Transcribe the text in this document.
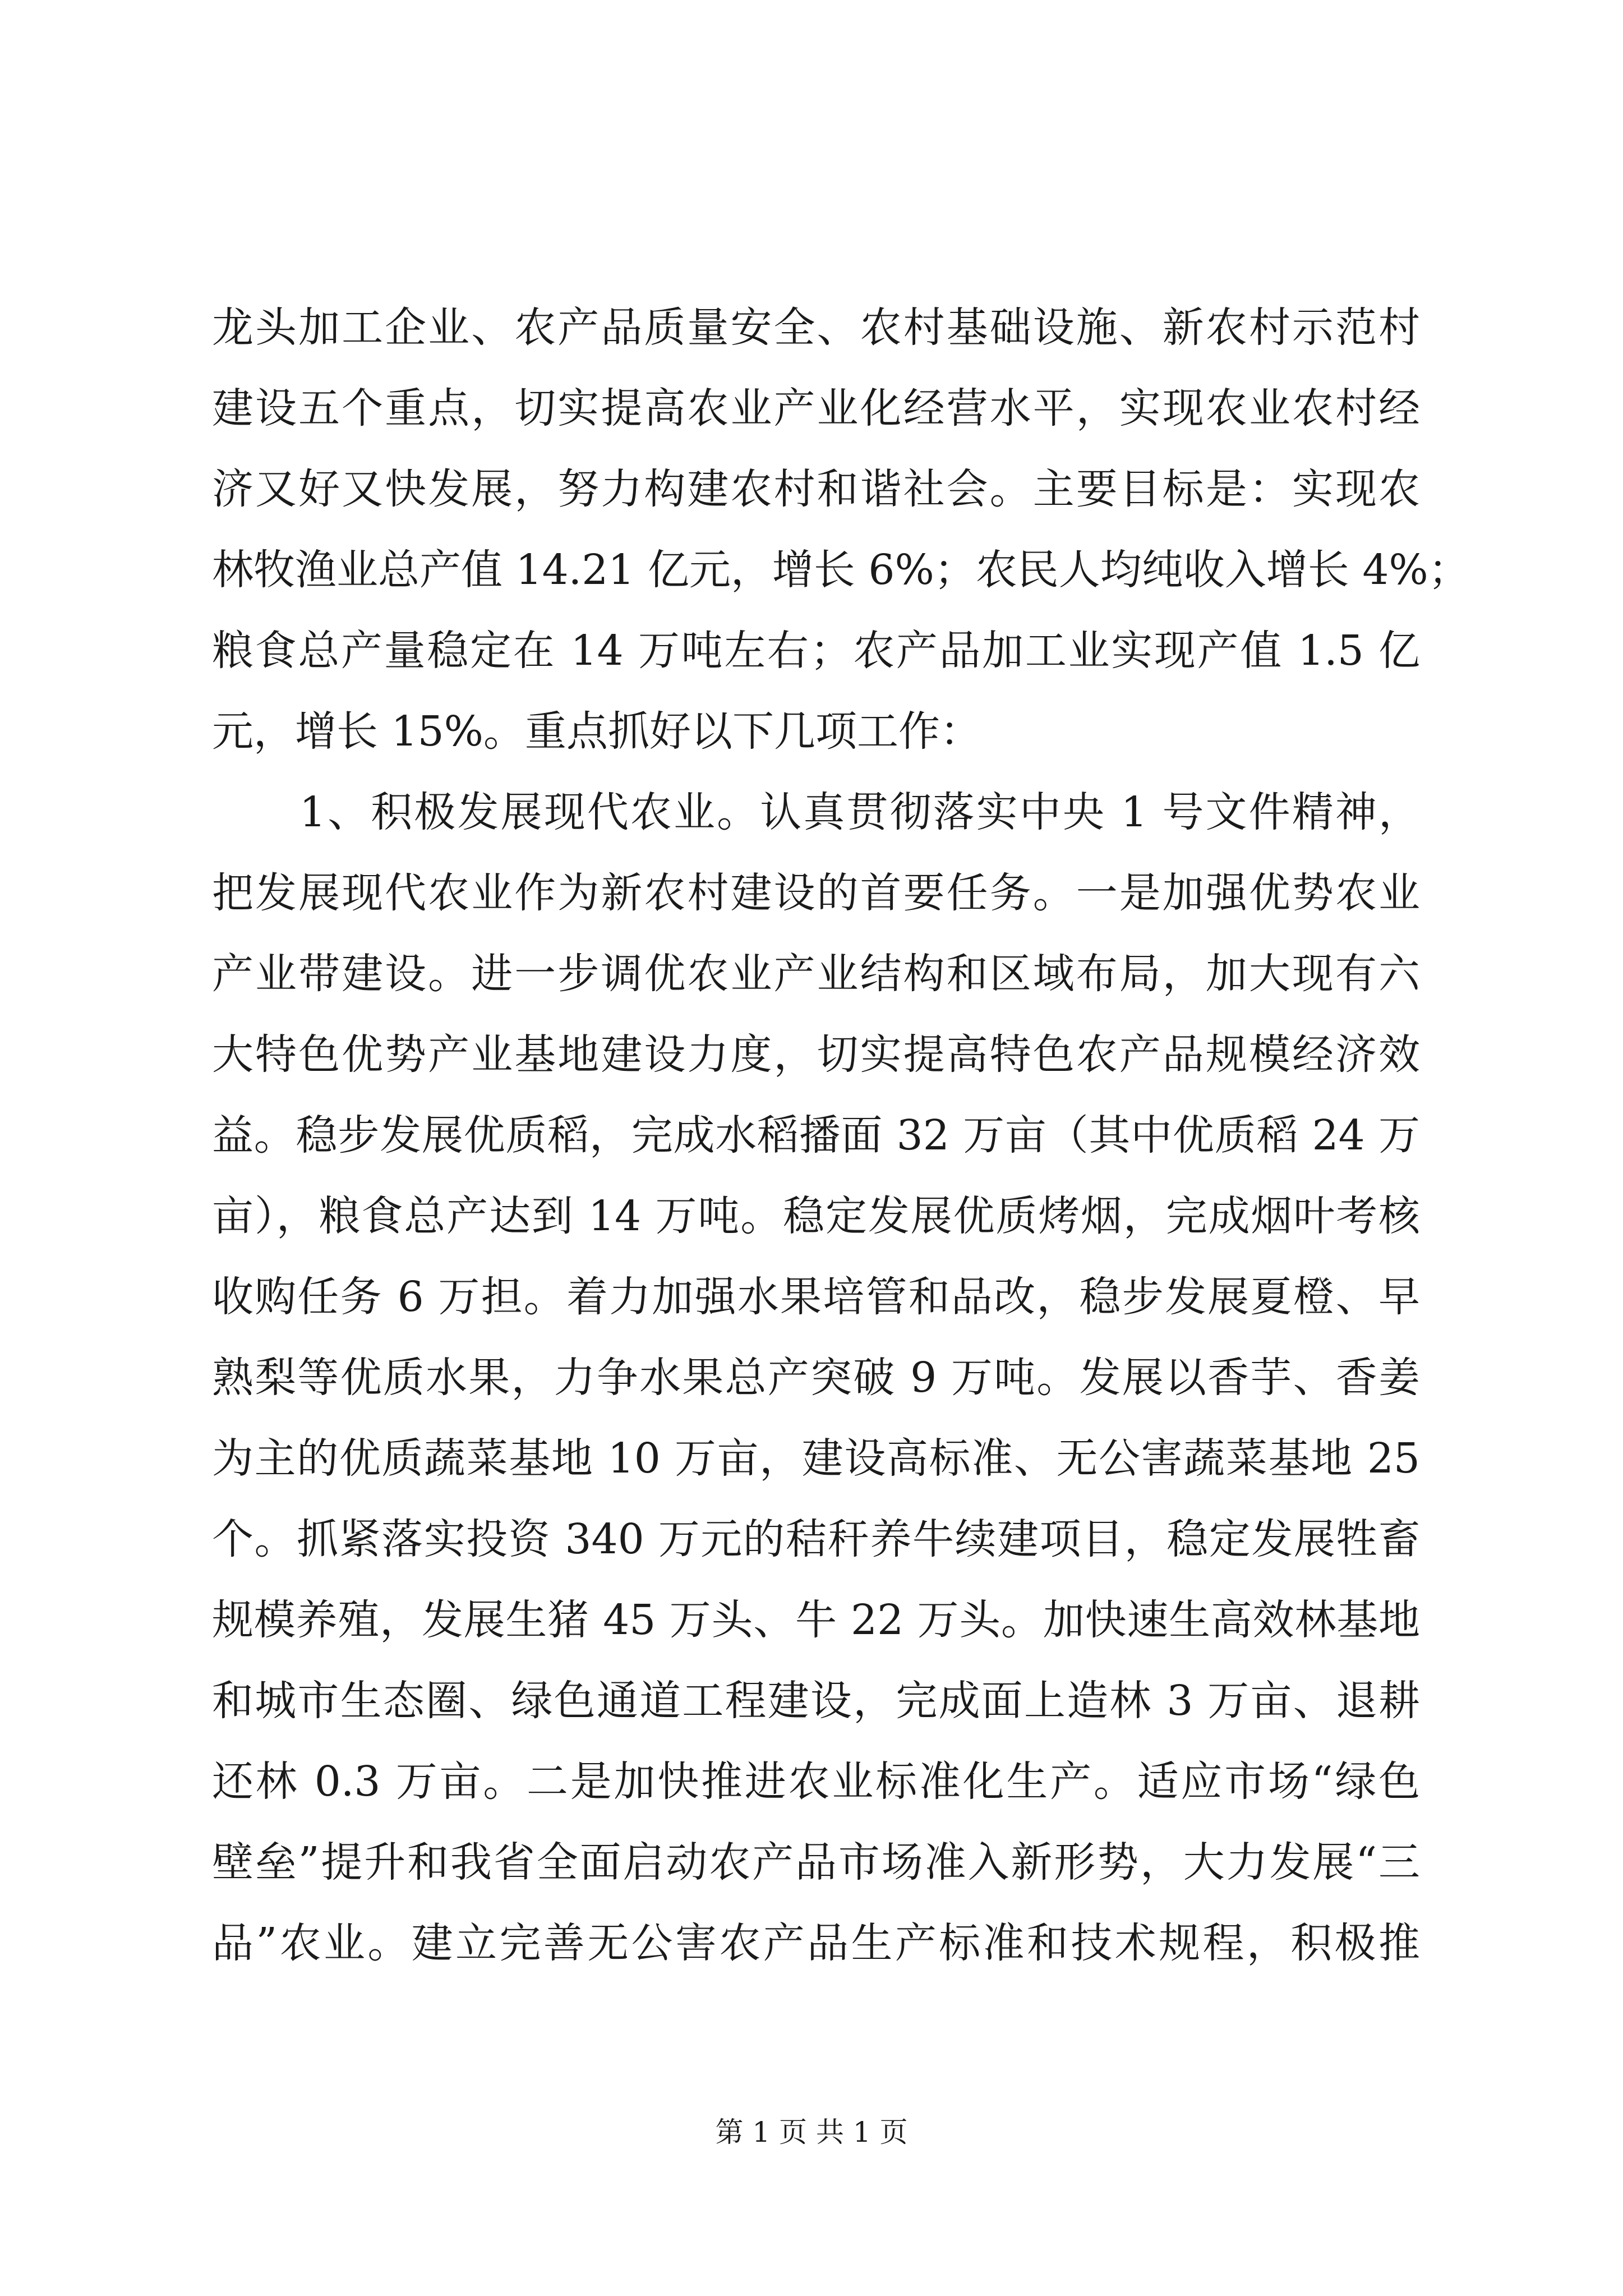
龙头加工企业、农产品质量安全、农村基础设施、新农村示范村
建设五个重点，切实提高农业产业化经营水平，实现农业农村经
济又好又快发展，努力构建农村和谐社会。主要目标是：实现农
林牧渔业总产值 14.21 亿元，增长 6%；农民人均纯收入增长 4%；
粮食总产量稳定在 14 万吨左右；农产品加工业实现产值 1.5 亿
元，增长 15%。重点抓好以下几项工作：
1、积极发展现代农业。认真贯彻落实中央 1 号文件精神，
把发展现代农业作为新农村建设的首要任务。一是加强优势农业
产业带建设。进一步调优农业产业结构和区域布局，加大现有六
大特色优势产业基地建设力度，切实提高特色农产品规模经济效
益。稳步发展优质稻，完成水稻播面 32 万亩（其中优质稻 24 万
亩），粮食总产达到 14 万吨。稳定发展优质烤烟，完成烟叶考核
收购任务 6 万担。着力加强水果培管和品改，稳步发展夏橙、早
熟梨等优质水果，力争水果总产突破 9 万吨。发展以香芋、香姜
为主的优质蔬菜基地 10 万亩，建设高标准、无公害蔬菜基地 25
个。抓紧落实投资 340 万元的秸秆养牛续建项目，稳定发展牲畜
规模养殖，发展生猪 45 万头、牛 22 万头。加快速生高效林基地
和城市生态圈、绿色通道工程建设，完成面上造林 3 万亩、退耕
还林 0.3 万亩。二是加快推进农业标准化生产。适应市场“绿色
壁垒”提升和我省全面启动农产品市场准入新形势，大力发展“三
品”农业。建立完善无公害农产品生产标准和技术规程，积极推
第 1 页 共 1 页
